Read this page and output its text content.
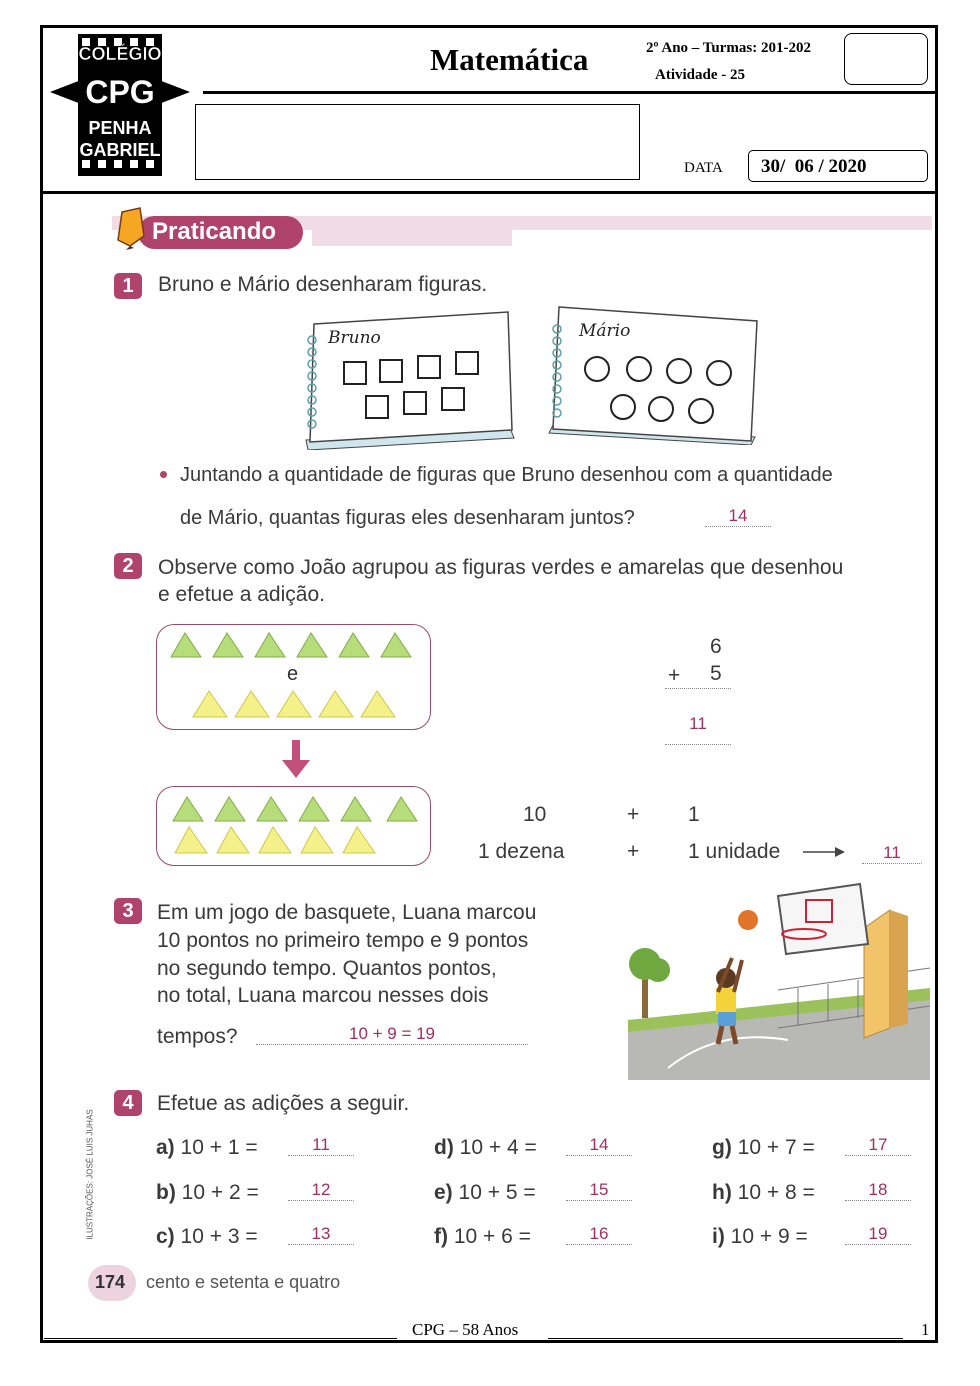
COLÉGIO
CPG
PENHA
GABRIEL
Matemática	2º Ano – Turmas: 201-202
Atividade - 25
DATA 30/  06 / 2020
Praticando
1	Bruno e Mário desenharam figuras.
Bruno	Mário
Juntando a quantidade de figuras que Bruno desenhou com a quantidade
de Mário, quantas figuras eles desenharam juntos?	14
2	Observe como João agrupou as figuras verdes e amarelas que desenhou
e efetue a adição.
e
6
+ 5
11
10	+ 1
1 dezena	+ 1 unidade	11
3	Em um jogo de basquete, Luana marcou
10 pontos no primeiro tempo e 9 pontos
no segundo tempo. Quantos pontos,
no total, Luana marcou nesses dois
tempos?	10 + 9 = 19
4	Efetue as adições a seguir.
a) 10 + 1 =	11
b) 10 + 2 =	12
c) 10 + 3 =	13
d) 10 + 4 =	14
e) 10 + 5 =	15
f) 10 + 6 =	16
g) 10 + 7 =	17
h) 10 + 8 =	18
i) 10 + 9 =	19
ILUSTRAÇÕES: JOSÉ LUIS JUHAS
174 cento e setenta e quatro
CPG – 58 Anos	1
